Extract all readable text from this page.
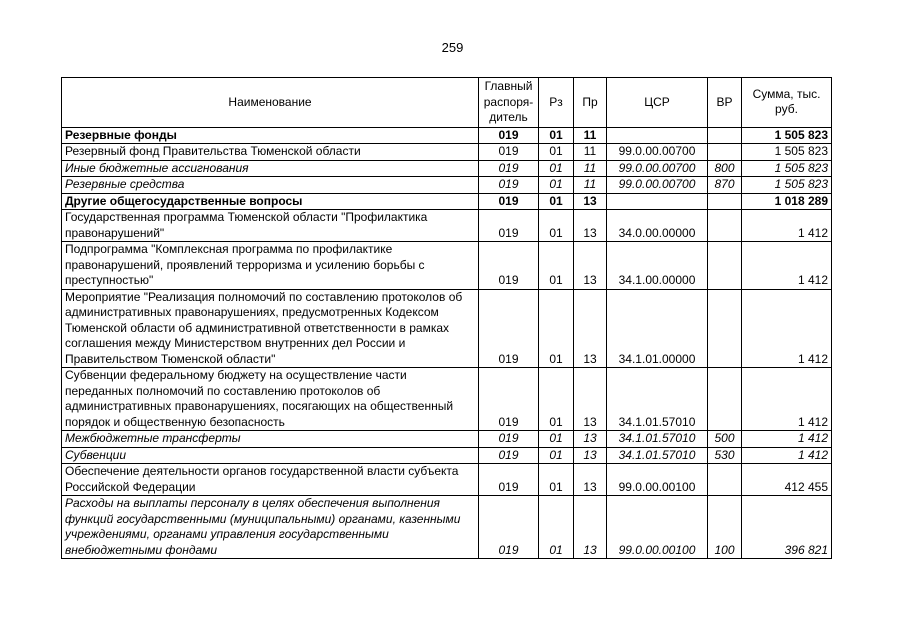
259
Наименование	Главный распоря-дитель	Рз	Пр	ЦСР	ВР	Сумма, тыс. руб.
Резервные фонды	019	01	11			1 505 823
Резервный фонд Правительства Тюменской области	019	01	11	99.0.00.00700		1 505 823
Иные бюджетные ассигнования	019	01	11	99.0.00.00700	800	1 505 823
Резервные средства	019	01	11	99.0.00.00700	870	1 505 823
Другие общегосударственные вопросы	019	01	13			1 018 289
Государственная программа Тюменской области "Профилактика правонарушений"	019	01	13	34.0.00.00000		1 412
Подпрограмма "Комплексная программа по профилактике правонарушений, проявлений терроризма и усилению борьбы с преступностью"	019	01	13	34.1.00.00000		1 412
Мероприятие "Реализация полномочий по составлению протоколов об административных правонарушениях, предусмотренных Кодексом Тюменской области об административной ответственности в рамках соглашения между Министерством внутренних дел России и Правительством Тюменской области"	019	01	13	34.1.01.00000		1 412
Субвенции федеральному бюджету на осуществление части переданных полномочий по составлению протоколов об административных правонарушениях, посягающих на общественный порядок и общественную безопасность	019	01	13	34.1.01.57010		1 412
Межбюджетные трансферты	019	01	13	34.1.01.57010	500	1 412
Субвенции	019	01	13	34.1.01.57010	530	1 412
Обеспечение деятельности органов государственной власти субъекта Российской Федерации	019	01	13	99.0.00.00100		412 455
Расходы на выплаты персоналу в целях обеспечения выполнения функций государственными (муниципальными) органами, казенными учреждениями, органами управления государственными внебюджетными фондами	019	01	13	99.0.00.00100	100	396 821
